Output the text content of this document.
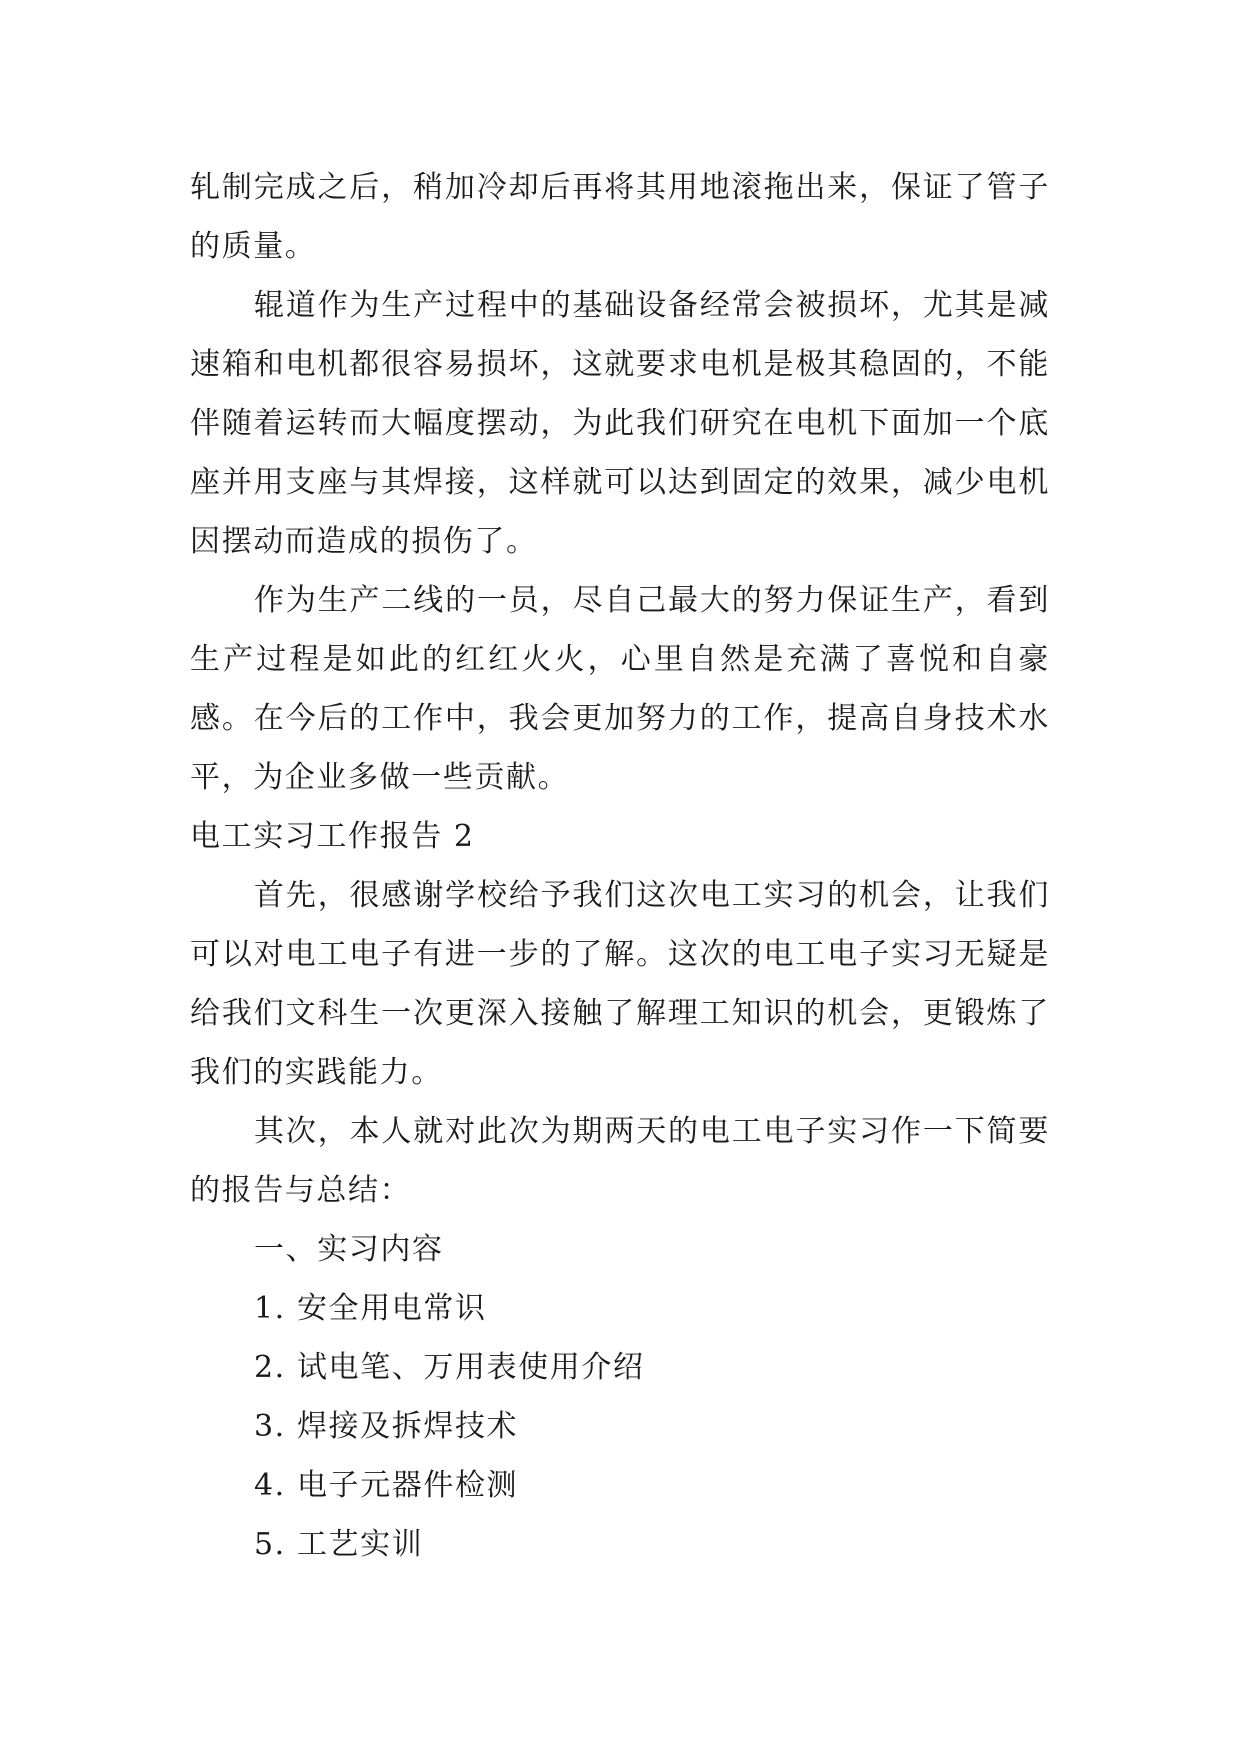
轧制完成之后，稍加冷却后再将其用地滚拖出来，保证了管子的质量。

辊道作为生产过程中的基础设备经常会被损坏，尤其是减速箱和电机都很容易损坏，这就要求电机是极其稳固的，不能伴随着运转而大幅度摆动，为此我们研究在电机下面加一个底座并用支座与其焊接，这样就可以达到固定的效果，减少电机因摆动而造成的损伤了。

作为生产二线的一员，尽自己最大的努力保证生产，看到生产过程是如此的红红火火，心里自然是充满了喜悦和自豪感。在今后的工作中，我会更加努力的工作，提高自身技术水平，为企业多做一些贡献。

电工实习工作报告 2

首先，很感谢学校给予我们这次电工实习的机会，让我们可以对电工电子有进一步的了解。这次的电工电子实习无疑是给我们文科生一次更深入接触了解理工知识的机会，更锻炼了我们的实践能力。

其次，本人就对此次为期两天的电工电子实习作一下简要的报告与总结：

一、实习内容

1. 安全用电常识

2. 试电笔、万用表使用介绍

3. 焊接及拆焊技术

4. 电子元器件检测

5. 工艺实训
